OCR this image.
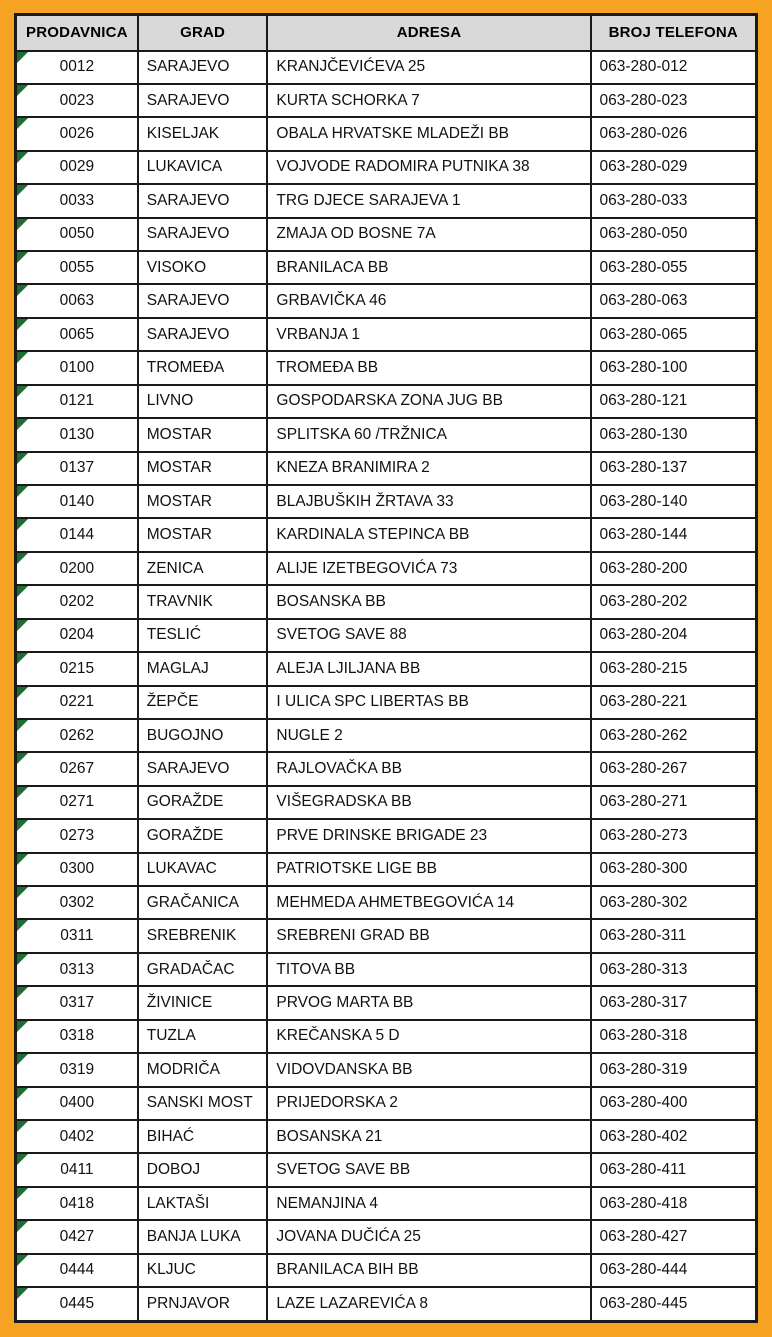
PRODAVNICA	GRAD	ADRESA	BROJ TELEFONA

0012	SARAJEVO	KRANJČEVIĆEVA 25	063-280-012

0023	SARAJEVO	KURTA SCHORKA 7	063-280-023

0026	KISELJAK	OBALA HRVATSKE MLADEŽI BB	063-280-026

0029	LUKAVICA	VOJVODE RADOMIRA PUTNIKA 38	063-280-029

0033	SARAJEVO	TRG DJECE SARAJEVA 1	063-280-033

0050	SARAJEVO	ZMAJA OD BOSNE 7A	063-280-050

0055	VISOKO	BRANILACA BB	063-280-055

0063	SARAJEVO	GRBAVIČKA 46	063-280-063

0065	SARAJEVO	VRBANJA 1	063-280-065

0100	TROMEĐA	TROMEĐA BB	063-280-100

0121	LIVNO	GOSPODARSKA ZONA JUG BB	063-280-121

0130	MOSTAR	SPLITSKA 60 /TRŽNICA	063-280-130

0137	MOSTAR	KNEZA BRANIMIRA 2	063-280-137

0140	MOSTAR	BLAJBUŠKIH ŽRTAVA 33	063-280-140

0144	MOSTAR	KARDINALA STEPINCA BB	063-280-144

0200	ZENICA	ALIJE IZETBEGOVIĆA 73	063-280-200

0202	TRAVNIK	BOSANSKA BB	063-280-202

0204	TESLIĆ	SVETOG SAVE 88	063-280-204

0215	MAGLAJ	ALEJA LJILJANA BB	063-280-215

0221	ŽEPČE	I ULICA SPC LIBERTAS BB	063-280-221

0262	BUGOJNO	NUGLE 2	063-280-262

0267	SARAJEVO	RAJLOVAČKA BB	063-280-267

0271	GORAŽDE	VIŠEGRADSKA BB	063-280-271

0273	GORAŽDE	PRVE DRINSKE BRIGADE 23	063-280-273

0300	LUKAVAC	PATRIOTSKE LIGE BB	063-280-300

0302	GRAČANICA	MEHMEDA AHMETBEGOVIĆA 14	063-280-302

0311	SREBRENIK	SREBRENI GRAD BB	063-280-311

0313	GRADAČAC	TITOVA BB	063-280-313

0317	ŽIVINICE	PRVOG MARTA BB	063-280-317

0318	TUZLA	KREČANSKA 5 D	063-280-318

0319	MODRIČA	VIDOVDANSKA BB	063-280-319

0400	SANSKI MOST	PRIJEDORSKA 2	063-280-400

0402	BIHAĆ	BOSANSKA 21	063-280-402

0411	DOBOJ	SVETOG SAVE BB	063-280-411

0418	LAKTAŠI	NEMANJINA 4	063-280-418

0427	BANJA LUKA	JOVANA DUČIĆA 25	063-280-427

0444	KLJUC	BRANILACA BIH BB	063-280-444

0445	PRNJAVOR	LAZE LAZAREVIĆA 8	063-280-445
